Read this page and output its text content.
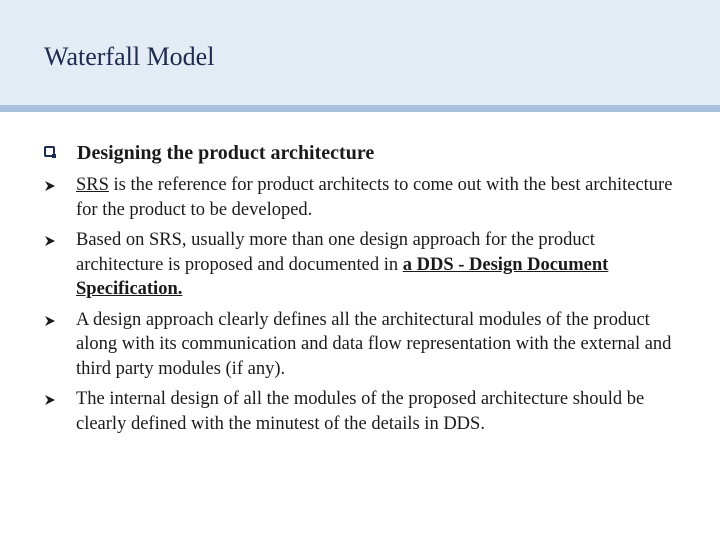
Waterfall Model
Designing the product architecture
SRS is the reference for product architects to come out with the best architecture for the product to be developed.
Based on SRS, usually more than one design approach for the product architecture is proposed and documented in a DDS - Design Document Specification.
A design approach clearly defines all the architectural modules of the product along with its communication and data flow representation with the external and third party modules (if any).
The internal design of all the modules of the proposed architecture should be clearly defined with the minutest of the details in DDS.
